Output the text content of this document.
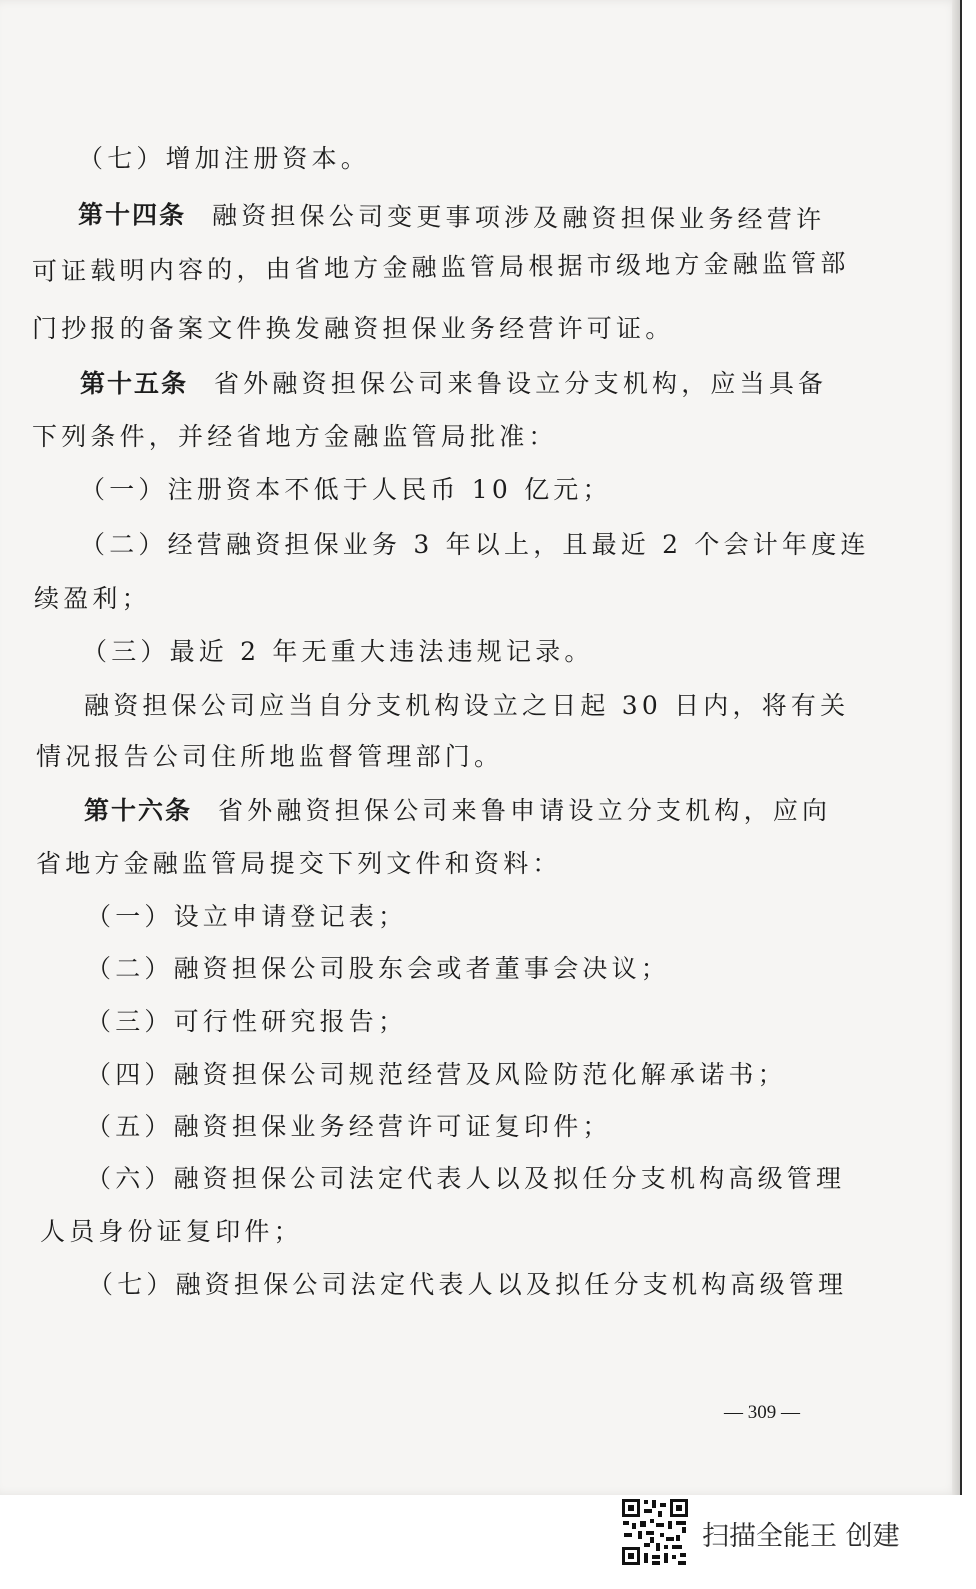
（七）增加注册资本。
第十四条 融资担保公司变更事项涉及融资担保业务经营许
可证载明内容的，由省地方金融监管局根据市级地方金融监管部
门抄报的备案文件换发融资担保业务经营许可证。
第十五条 省外融资担保公司来鲁设立分支机构，应当具备
下列条件，并经省地方金融监管局批准：
（一）注册资本不低于人民币 10 亿元；
（二）经营融资担保业务 3 年以上，且最近 2 个会计年度连
续盈利；
（三）最近 2 年无重大违法违规记录。
融资担保公司应当自分支机构设立之日起 30 日内，将有关
情况报告公司住所地监督管理部门。
第十六条 省外融资担保公司来鲁申请设立分支机构，应向
省地方金融监管局提交下列文件和资料：
（一）设立申请登记表；
（二）融资担保公司股东会或者董事会决议；
（三）可行性研究报告；
（四）融资担保公司规范经营及风险防范化解承诺书；
（五）融资担保业务经营许可证复印件；
（六）融资担保公司法定代表人以及拟任分支机构高级管理
人员身份证复印件；
（七）融资担保公司法定代表人以及拟任分支机构高级管理
— 309 —
扫描全能王 创建
